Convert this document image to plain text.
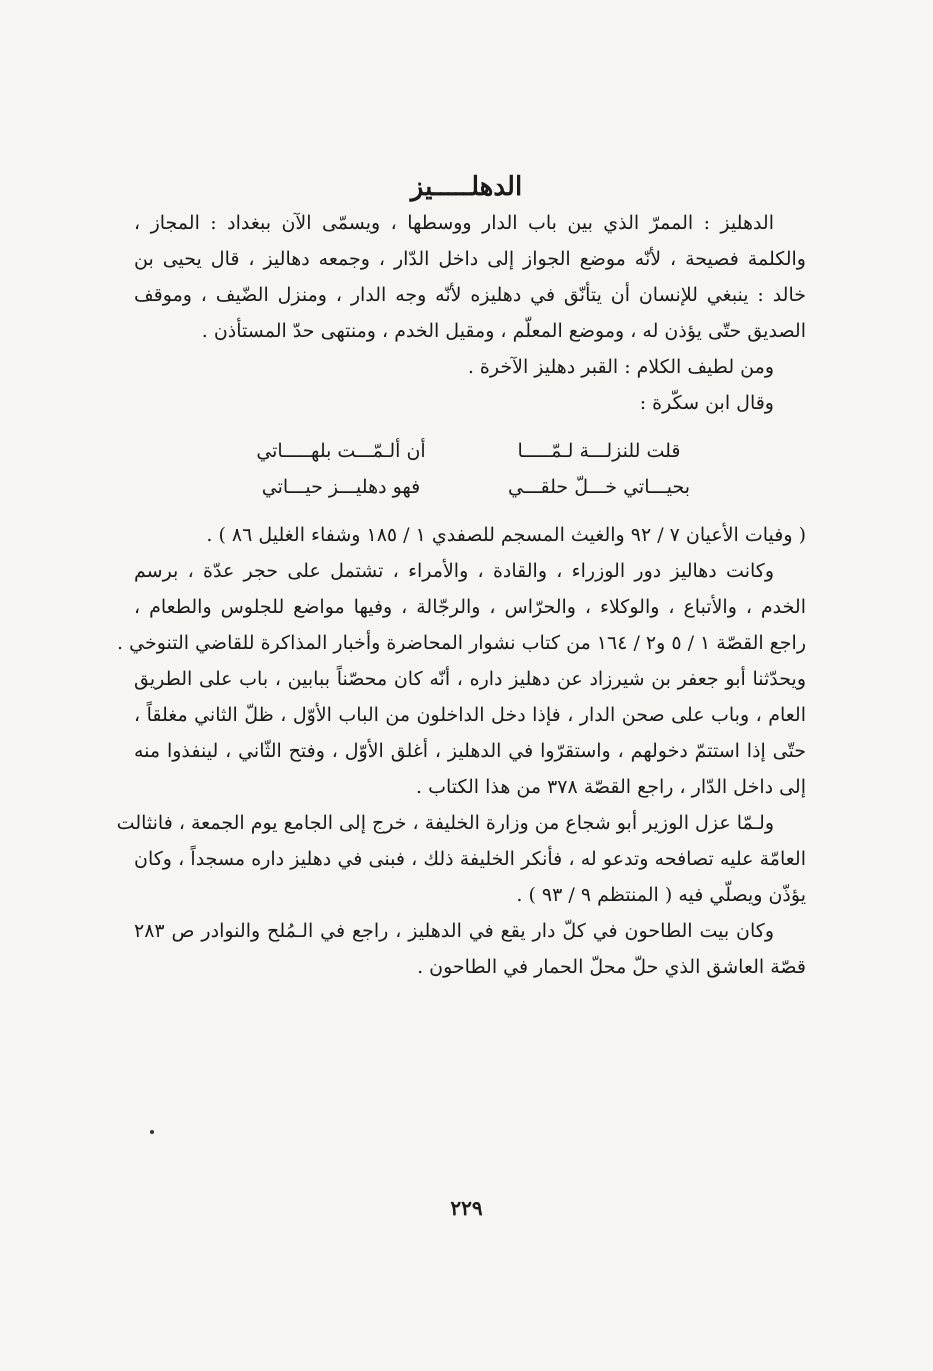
الدهلـــــيز
الدهليز : الممرّ الذي بين باب الدار ووسطها ، ويسمّى الآن ببغداد : المجاز ،
والكلمة فصيحة ، لأنّه موضع الجواز إلى داخل الدّار ، وجمعه دهاليز ، قال يحيى بن
خالد : ينبغي للإنسان أن يتأنّق في دهليزه لأنّه وجه الدار ، ومنزل الضّيف ، وموقف
الصديق حتّى يؤذن له ، وموضع المعلّم ، ومقيل الخدم ، ومنتهى حدّ المستأذن .
ومن لطيف الكلام : القبر دهليز الآخرة .
وقال ابن سكّرة :
قلت للنزلـــة لـمّـــــا
أن ألـمّـــت بلهـــــاتي
بحيـــاتي خـــلّ حلقـــي
فهو دهليـــز حيـــاتي
( وفيات الأعيان ٧ / ٩٢ والغيث المسجم للصفدي ١ / ١٨٥ وشفاء الغليل ٨٦ ) .
وكانت دهاليز دور الوزراء ، والقادة ، والأمراء ، تشتمل على حجر عدّة ، برسم
الخدم ، والأتباع ، والوكلاء ، والحرّاس ، والرجّالة ، وفيها مواضع للجلوس والطعام ،
راجع القصّة ١ / ٥ و٢ / ١٦٤ من كتاب نشوار المحاضرة وأخبار المذاكرة للقاضي التنوخي .
ويحدّثنا أبو جعفر بن شيرزاد عن دهليز داره ، أنّه كان محصّناً ببابين ، باب على الطريق
العام ، وباب على صحن الدار ، فإذا دخل الداخلون من الباب الأوّل ، ظلّ الثاني مغلقاً ،
حتّى إذا استتمّ دخولهم ، واستقرّوا في الدهليز ، أغلق الأوّل ، وفتح الثّاني ، لينفذوا منه
إلى داخل الدّار ، راجع القصّة ٣٧٨ من هذا الكتاب .
ولـمّا عزل الوزير أبو شجاع من وزارة الخليفة ، خرج إلى الجامع يوم الجمعة ، فانثالت
العامّة عليه تصافحه وتدعو له ، فأنكر الخليفة ذلك ، فبنى في دهليز داره مسجداً ، وكان
يؤذّن ويصلّي فيه ( المنتظم ٩ / ٩٣ ) .
وكان بيت الطاحون في كلّ دار يقع في الدهليز ، راجع في الـمُلح والنوادر ص ٢٨٣
قصّة العاشق الذي حلّ محلّ الحمار في الطاحون .
٢٢٩
